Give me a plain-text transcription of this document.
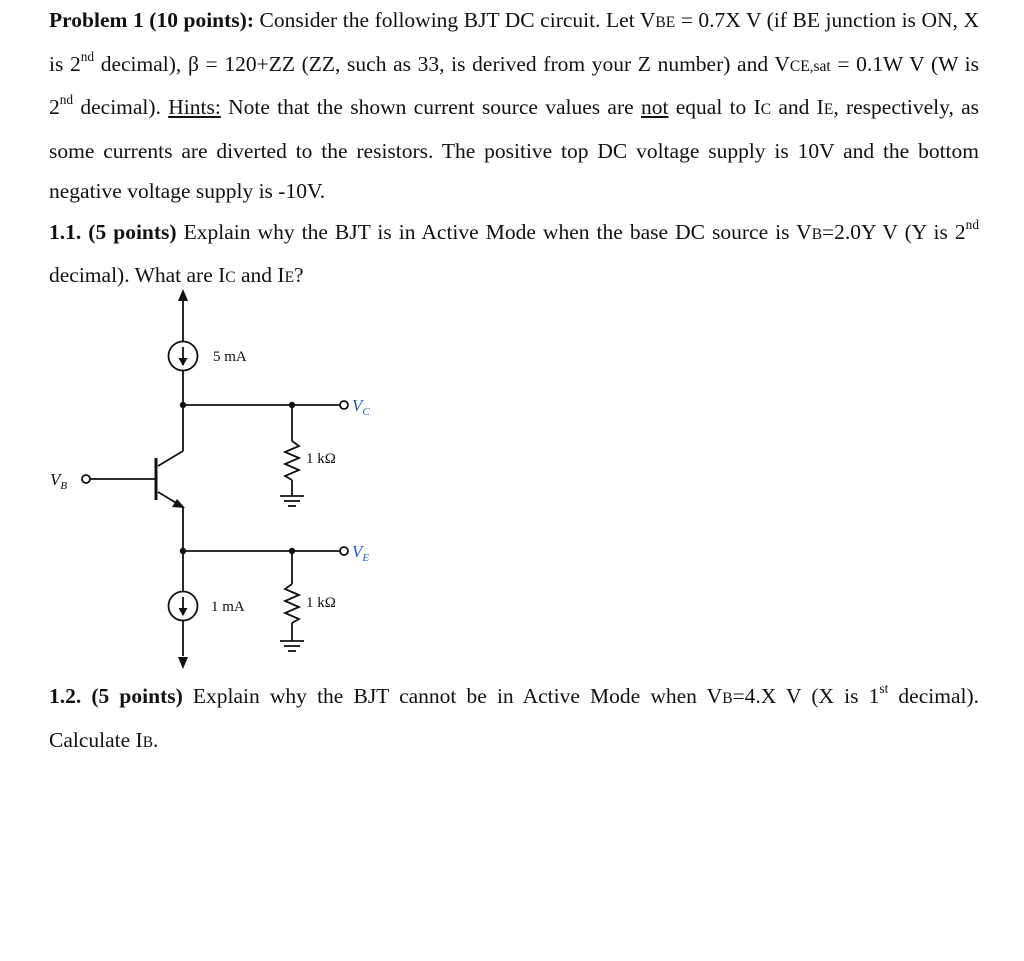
Problem 1 (10 points): Consider the following BJT DC circuit. Let VBE = 0.7X V (if BE junction is ON, X is 2nd decimal), β = 120+ZZ (ZZ, such as 33, is derived from your Z number) and VCE,sat = 0.1W V (W is 2nd decimal). Hints: Note that the shown current source values are not equal to IC and IE, respectively, as some currents are diverted to the resistors. The positive top DC voltage supply is 10V and the bottom negative voltage supply is -10V.

1.1. (5 points) Explain why the BJT is in Active Mode when the base DC source is VB=2.0Y V (Y is 2nd decimal). What are IC and IE?

5 mA
1 mA
1 kΩ
1 kΩ
$V_C$
$V_E$
$V_B$

1.2. (5 points) Explain why the BJT cannot be in Active Mode when VB=4.X V (X is 1st decimal). Calculate IB.
